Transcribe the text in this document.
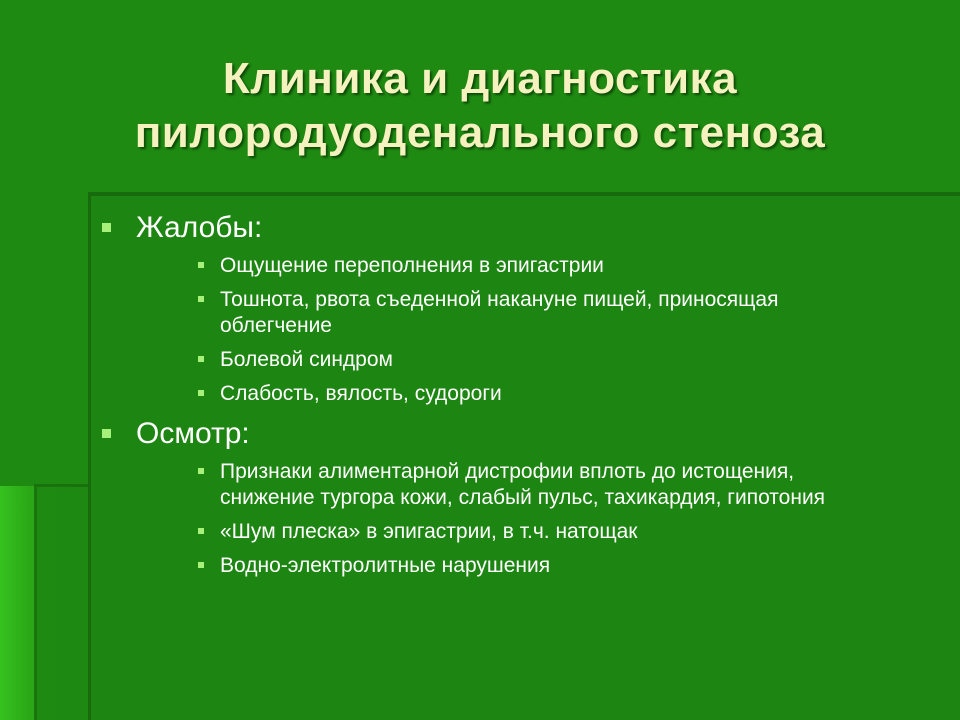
Клиника и диагностика
пилородуоденального стеноза
Жалобы:
Ощущение переполнения в эпигастрии
Тошнота, рвота съеденной накануне пищей, приносящая облегчение
Болевой синдром
Слабость, вялость, судороги
Осмотр:
Признаки алиментарной дистрофии вплоть до истощения, снижение тургора кожи, слабый пульс, тахикардия, гипотония
«Шум плеска» в эпигастрии, в т.ч. натощак
Водно-электролитные нарушения
